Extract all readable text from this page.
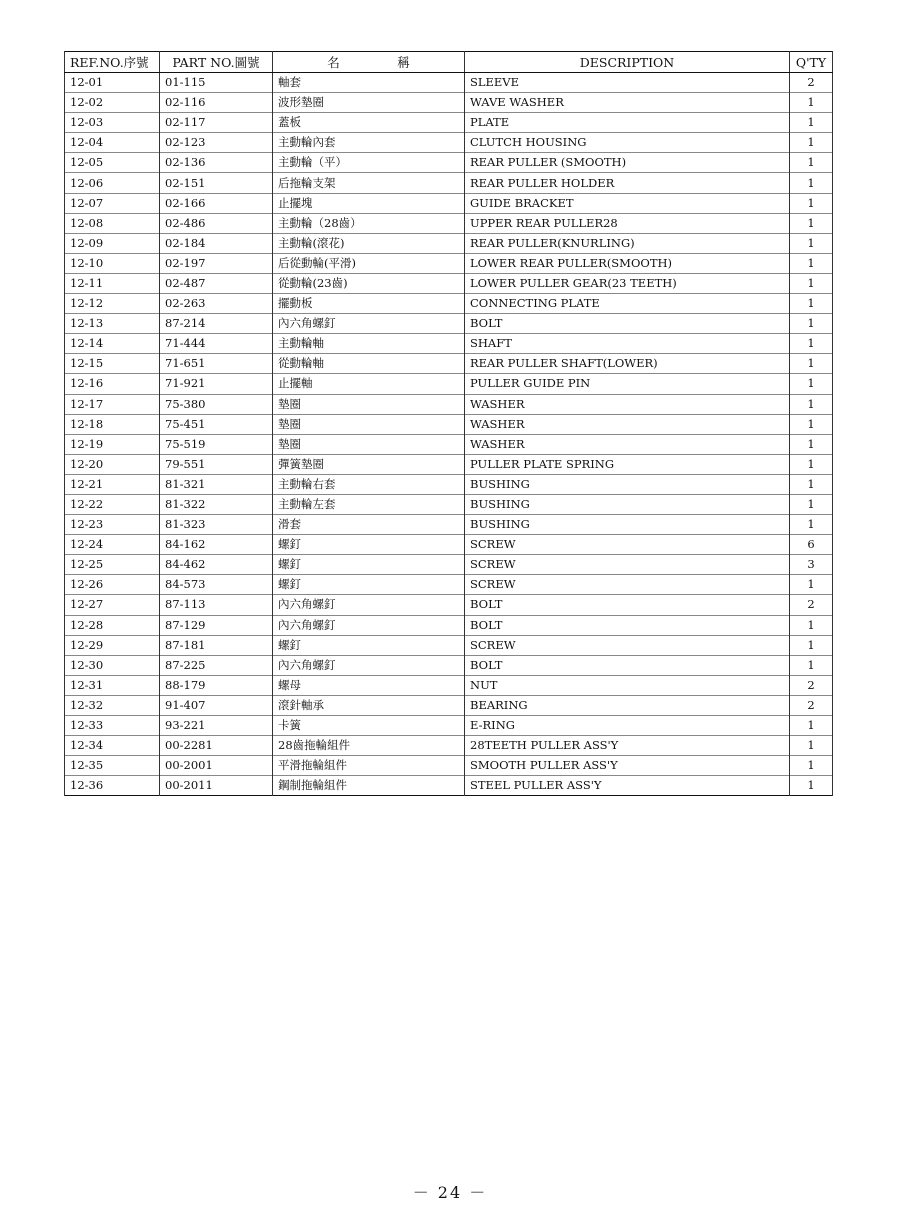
REF.NO.序號	PART NO.圖號	名 稱	DESCRIPTION	Q'TY
12-01	01-115	軸套	SLEEVE	2
12-02	02-116	波形墊圈	WAVE WASHER	1
12-03	02-117	蓋板	PLATE	1
12-04	02-123	主動輪內套	CLUTCH HOUSING	1
12-05	02-136	主動輪（平）	REAR PULLER (SMOOTH)	1
12-06	02-151	后拖輪支架	REAR PULLER HOLDER	1
12-07	02-166	止擺塊	GUIDE BRACKET	1
12-08	02-486	主動輪（28齒）	UPPER REAR PULLER28	1
12-09	02-184	主動輪(滾花)	REAR PULLER(KNURLING)	1
12-10	02-197	后從動輪(平滑)	LOWER REAR PULLER(SMOOTH)	1
12-11	02-487	從動輪(23齒)	LOWER PULLER GEAR(23 TEETH)	1
12-12	02-263	擺動板	CONNECTING PLATE	1
12-13	87-214	內六角螺釘	BOLT	1
12-14	71-444	主動輪軸	SHAFT	1
12-15	71-651	從動輪軸	REAR PULLER SHAFT(LOWER)	1
12-16	71-921	止擺軸	PULLER GUIDE PIN	1
12-17	75-380	墊圈	WASHER	1
12-18	75-451	墊圈	WASHER	1
12-19	75-519	墊圈	WASHER	1
12-20	79-551	彈簧墊圈	PULLER PLATE SPRING	1
12-21	81-321	主動輪右套	BUSHING	1
12-22	81-322	主動輪左套	BUSHING	1
12-23	81-323	滑套	BUSHING	1
12-24	84-162	螺釘	SCREW	6
12-25	84-462	螺釘	SCREW	3
12-26	84-573	螺釘	SCREW	1
12-27	87-113	內六角螺釘	BOLT	2
12-28	87-129	內六角螺釘	BOLT	1
12-29	87-181	螺釘	SCREW	1
12-30	87-225	內六角螺釘	BOLT	1
12-31	88-179	螺母	NUT	2
12-32	91-407	滾針軸承	BEARING	2
12-33	93-221	卡簧	E-RING	1
12-34	00-2281	28齒拖輪組件	28TEETH PULLER ASS'Y	1
12-35	00-2001	平滑拖輪組件	SMOOTH PULLER ASS'Y	1
12-36	00-2011	鋼制拖輪組件	STEEL PULLER ASS'Y	1
－ 24 －
